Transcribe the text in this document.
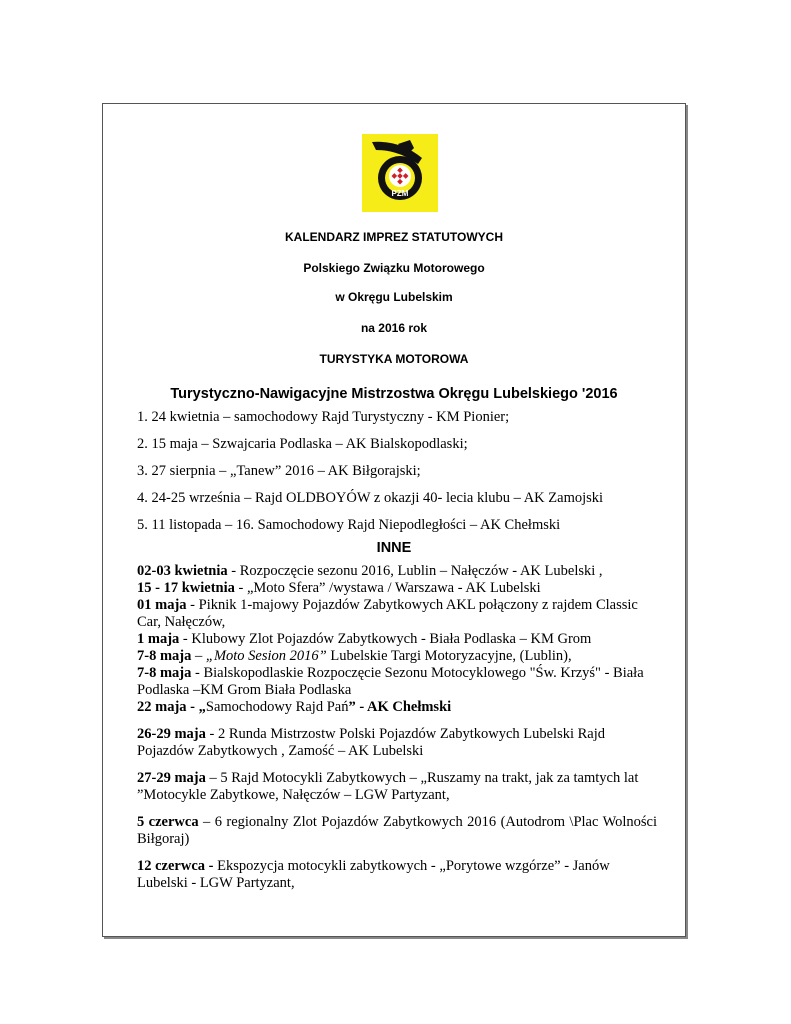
PZM
KALENDARZ IMPREZ STATUTOWYCH
Polskiego Związku Motorowego
w Okręgu Lubelskim
na 2016 rok
TURYSTYKA MOTOROWA
Turystyczno-Nawigacyjne Mistrzostwa Okręgu Lubelskiego '2016

1. 24 kwietnia – samochodowy Rajd Turystyczny - KM Pionier;

2. 15 maja – Szwajcaria Podlaska – AK Bialskopodlaski;

3. 27 sierpnia – „Tanew” 2016 – AK Biłgorajski;

4. 24-25 września – Rajd OLDBOYÓW z okazji 40- lecia klubu – AK Zamojski

5. 11 listopada – 16. Samochodowy Rajd Niepodległości – AK Chełmski

INNE

02-03 kwietnia - Rozpoczęcie sezonu 2016, Lublin – Nałęczów - AK Lubelski ,

15 - 17 kwietnia - „Moto Sfera” /wystawa / Warszawa - AK Lubelski

01 maja - Piknik 1-majowy Pojazdów Zabytkowych AKL połączony z rajdem Classic Car, Nałęczów,

1 maja - Klubowy Zlot Pojazdów Zabytkowych - Biała Podlaska – KM Grom

7-8 maja – „Moto Sesion 2016” Lubelskie Targi Motoryzacyjne, (Lublin),

7-8 maja - Bialskopodlaskie Rozpoczęcie Sezonu Motocyklowego "Św. Krzyś" - Biała Podlaska –KM Grom Biała Podlaska

22 maja - „Samochodowy Rajd Pań” - AK Chełmski

26-29 maja - 2 Runda Mistrzostw Polski Pojazdów Zabytkowych Lubelski Rajd Pojazdów Zabytkowych , Zamość – AK Lubelski

27-29 maja – 5 Rajd Motocykli Zabytkowych – „Ruszamy na trakt, jak za tamtych lat ”Motocykle Zabytkowe, Nałęczów – LGW Partyzant,

5 czerwca – 6 regionalny Zlot Pojazdów Zabytkowych 2016 (Autodrom \Plac Wolności Biłgoraj)

12 czerwca - Ekspozycja motocykli zabytkowych - „Porytowe wzgórze” - Janów Lubelski - LGW Partyzant,
